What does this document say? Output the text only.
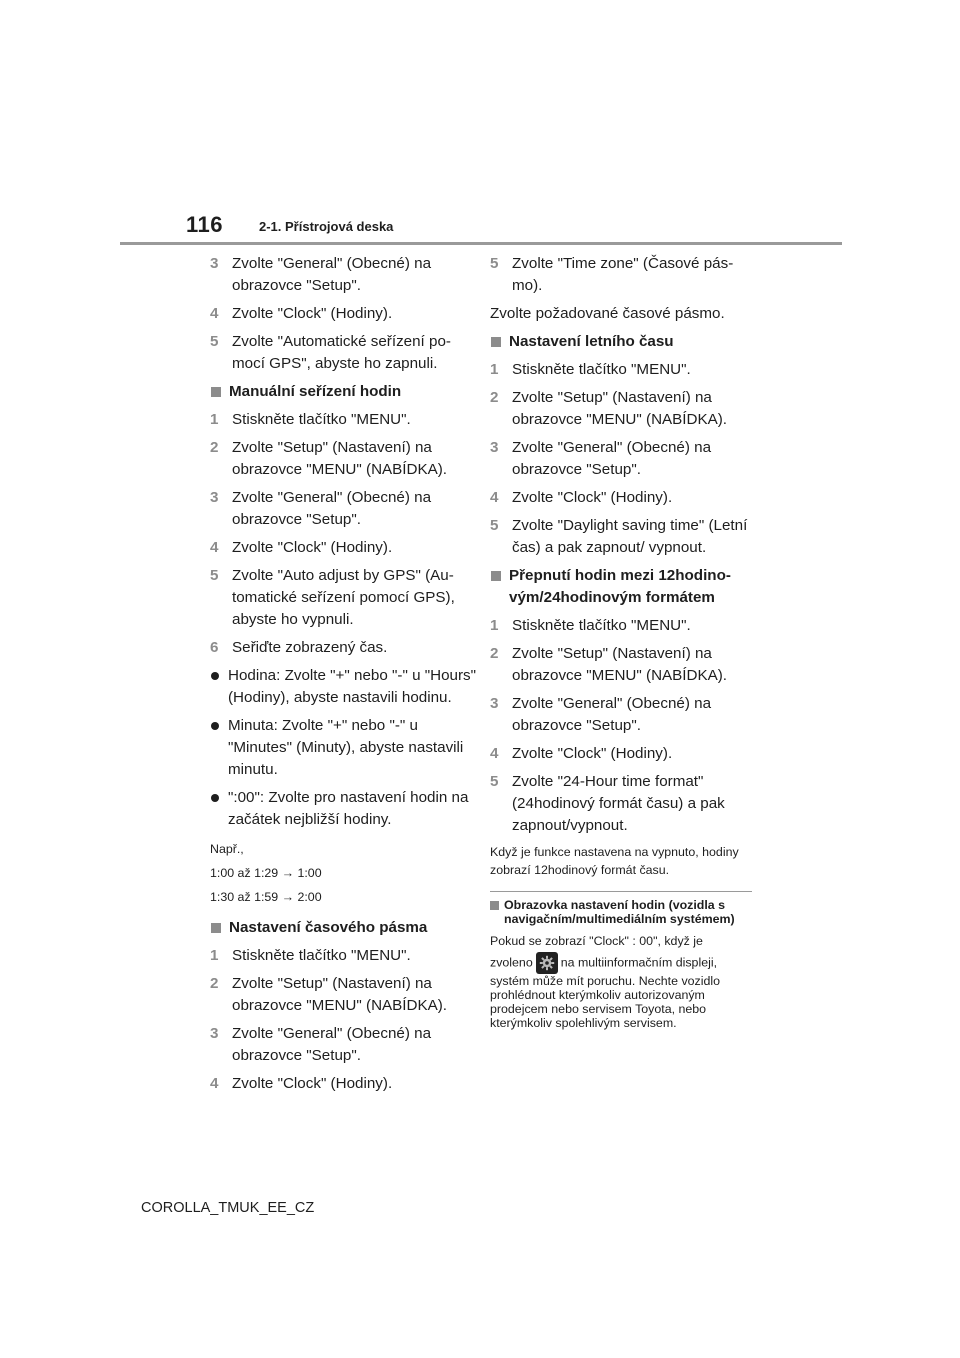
116	2-1. Přístrojová deska
3 Zvolte "General" (Obecné) na obrazovce "Setup".
4 Zvolte "Clock" (Hodiny).
5 Zvolte "Automatické seřízení pomocí GPS", abyste ho zapnuli.
Manuální seřízení hodin
1 Stiskněte tlačítko "MENU".
2 Zvolte "Setup" (Nastavení) na obrazovce "MENU" (NABÍDKA).
3 Zvolte "General" (Obecné) na obrazovce "Setup".
4 Zvolte "Clock" (Hodiny).
5 Zvolte "Auto adjust by GPS" (Automatické seřízení pomocí GPS), abyste ho vypnuli.
6 Seřiďte zobrazený čas.
Hodina: Zvolte "+" nebo "-" u "Hours" (Hodiny), abyste nastavili hodinu.
Minuta: Zvolte "+" nebo "-" u "Minutes" (Minuty), abyste nastavili minutu.
":00": Zvolte pro nastavení hodin na začátek nejbližší hodiny.
Např.,
1:00 až 1:29 → 1:00
1:30 až 1:59 → 2:00
Nastavení časového pásma
1 Stiskněte tlačítko "MENU".
2 Zvolte "Setup" (Nastavení) na obrazovce "MENU" (NABÍDKA).
3 Zvolte "General" (Obecné) na obrazovce "Setup".
4 Zvolte "Clock" (Hodiny).
5 Zvolte "Time zone" (Časové pásmo).
Zvolte požadované časové pásmo.
Nastavení letního času
1 Stiskněte tlačítko "MENU".
2 Zvolte "Setup" (Nastavení) na obrazovce "MENU" (NABÍDKA).
3 Zvolte "General" (Obecné) na obrazovce "Setup".
4 Zvolte "Clock" (Hodiny).
5 Zvolte "Daylight saving time" (Letní čas) a pak zapnout/ vypnout.
Přepnutí hodin mezi 12hodinovým/24hodinovým formátem
1 Stiskněte tlačítko "MENU".
2 Zvolte "Setup" (Nastavení) na obrazovce "MENU" (NABÍDKA).
3 Zvolte "General" (Obecné) na obrazovce "Setup".
4 Zvolte "Clock" (Hodiny).
5 Zvolte "24-Hour time format" (24hodinový formát času) a pak zapnout/vypnout.
Když je funkce nastavena na vypnuto, hodiny zobrazí 12hodinový formát času.
Obrazovka nastavení hodin (vozidla s navigačním/multimediálním systémem)

Pokud se zobrazí "Clock" : 00", když je

zvoleno na multiinformačním displeji, systém může mít poruchu. Nechte vozidlo prohlédnout kterýmkoliv autorizovaným prodejcem nebo servisem Toyota, nebo kterýmkoliv spolehlivým servisem.

COROLLA_TMUK_EE_CZ
